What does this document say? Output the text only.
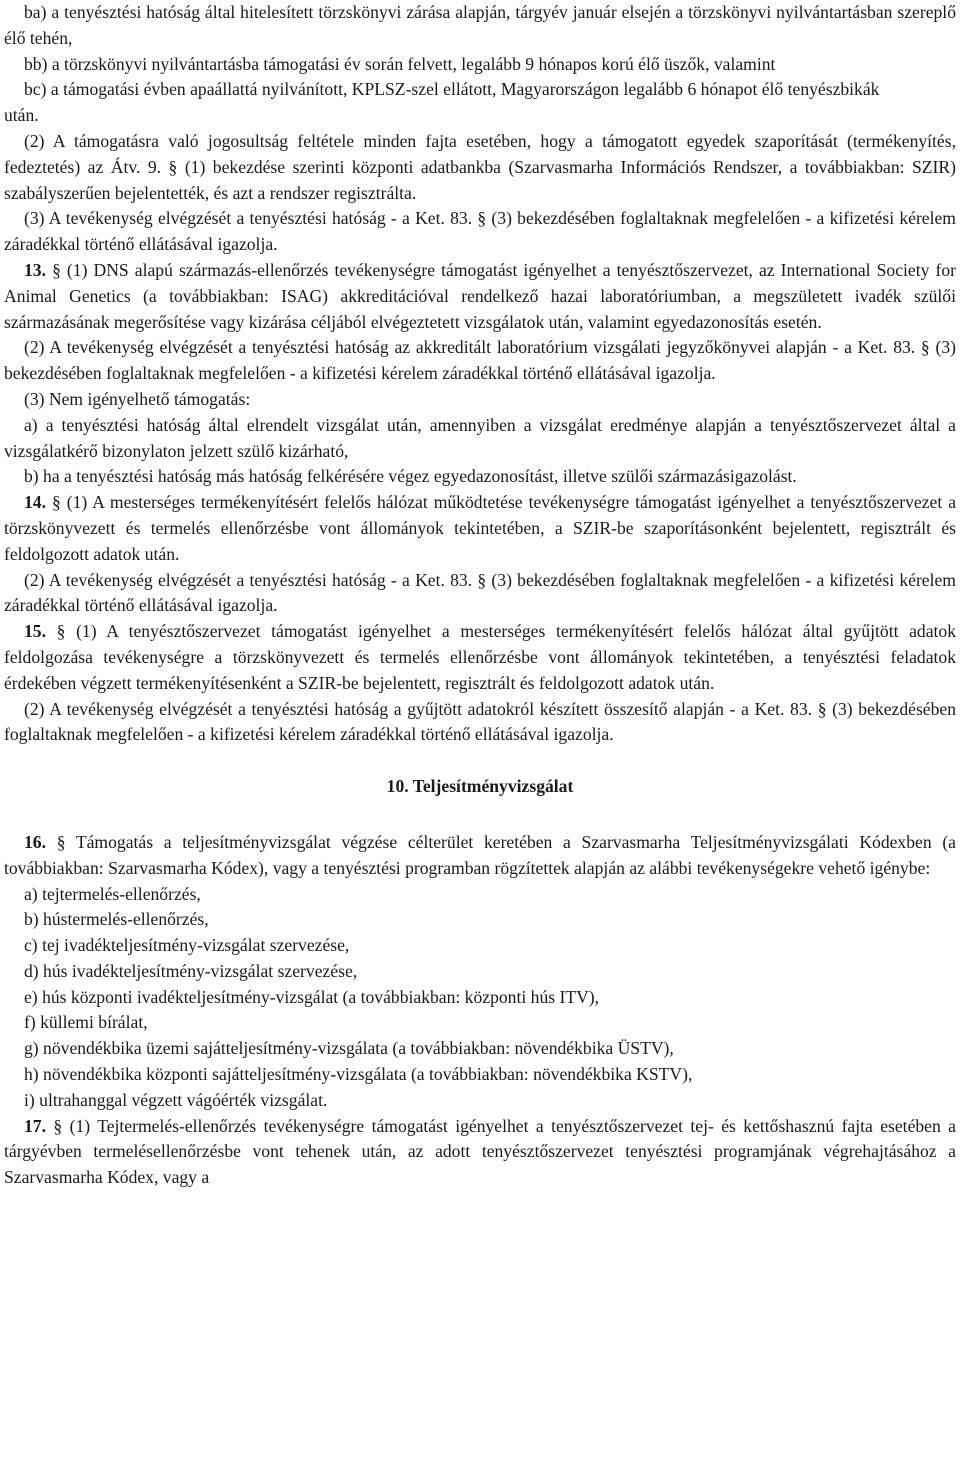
ba) a tenyésztési hatóság által hitelesített törzskönyvi zárása alapján, tárgyév január elsején a törzskönyvi nyilvántartásban szereplő élő tehén,
bb) a törzskönyvi nyilvántartásba támogatási év során felvett, legalább 9 hónapos korú élő üszők, valamint
bc) a támogatási évben apaállattá nyilvánított, KPLSZ-szel ellátott, Magyarországon legalább 6 hónapot élő tenyészbikák
után.
(2) A támogatásra való jogosultság feltétele minden fajta esetében, hogy a támogatott egyedek szaporítását (termékenyítés, fedeztetés) az Átv. 9. § (1) bekezdése szerinti központi adatbankba (Szarvasmarha Információs Rendszer, a továbbiakban: SZIR) szabályszerűen bejelentették, és azt a rendszer regisztrálta.
(3) A tevékenység elvégzését a tenyésztési hatóság - a Ket. 83. § (3) bekezdésében foglaltaknak megfelelően - a kifizetési kérelem záradékkal történő ellátásával igazolja.
13. § (1) DNS alapú származás-ellenőrzés tevékenységre támogatást igényelhet a tenyésztőszervezet, az International Society for Animal Genetics (a továbbiakban: ISAG) akkreditációval rendelkező hazai laboratóriumban, a megszületett ivadék szülői származásának megerősítése vagy kizárása céljából elvégeztetett vizsgálatok után, valamint egyedazonosítás esetén.
(2) A tevékenység elvégzését a tenyésztési hatóság az akkreditált laboratórium vizsgálati jegyzőkönyvei alapján - a Ket. 83. § (3) bekezdésében foglaltaknak megfelelően - a kifizetési kérelem záradékkal történő ellátásával igazolja.
(3) Nem igényelhető támogatás:
a) a tenyésztési hatóság által elrendelt vizsgálat után, amennyiben a vizsgálat eredménye alapján a tenyésztőszervezet által a vizsgálatkérő bizonylaton jelzett szülő kizárható,
b) ha a tenyésztési hatóság más hatóság felkérésére végez egyedazonosítást, illetve szülői származásigazolást.
14. § (1) A mesterséges termékenyítésért felelős hálózat működtetése tevékenységre támogatást igényelhet a tenyésztőszervezet a törzskönyvezett és termelés ellenőrzésbe vont állományok tekintetében, a SZIR-be szaporításonként bejelentett, regisztrált és feldolgozott adatok után.
(2) A tevékenység elvégzését a tenyésztési hatóság - a Ket. 83. § (3) bekezdésében foglaltaknak megfelelően - a kifizetési kérelem záradékkal történő ellátásával igazolja.
15. § (1) A tenyésztőszervezet támogatást igényelhet a mesterséges termékenyítésért felelős hálózat által gyűjtött adatok feldolgozása tevékenységre a törzskönyvezett és termelés ellenőrzésbe vont állományok tekintetében, a tenyésztési feladatok érdekében végzett termékenyítésenként a SZIR-be bejelentett, regisztrált és feldolgozott adatok után.
(2) A tevékenység elvégzését a tenyésztési hatóság a gyűjtött adatokról készített összesítő alapján - a Ket. 83. § (3) bekezdésében foglaltaknak megfelelően - a kifizetési kérelem záradékkal történő ellátásával igazolja.
10. Teljesítményvizsgálat
16. § Támogatás a teljesítményvizsgálat végzése célterület keretében a Szarvasmarha Teljesítményvizsgálati Kódexben (a továbbiakban: Szarvasmarha Kódex), vagy a tenyésztési programban rögzítettek alapján az alábbi tevékenységekre vehető igénybe:
a) tejtermelés-ellenőrzés,
b) hústermelés-ellenőrzés,
c) tej ivadékteljesítmény-vizsgálat szervezése,
d) hús ivadékteljesítmény-vizsgálat szervezése,
e) hús központi ivadékteljesítmény-vizsgálat (a továbbiakban: központi hús ITV),
f) küllemi bírálat,
g) növendékbika üzemi sajátteljesítmény-vizsgálata (a továbbiakban: növendékbika ÜSTV),
h) növendékbika központi sajátteljesítmény-vizsgálata (a továbbiakban: növendékbika KSTV),
i) ultrahanggal végzett vágóérték vizsgálat.
17. § (1) Tejtermelés-ellenőrzés tevékenységre támogatást igényelhet a tenyésztőszervezet tej- és kettőshasznú fajta esetében a tárgyévben termelésellenőrzésbe vont tehenek után, az adott tenyésztőszervezet tenyésztési programjának végrehajtásához a Szarvasmarha Kódex, vagy a
